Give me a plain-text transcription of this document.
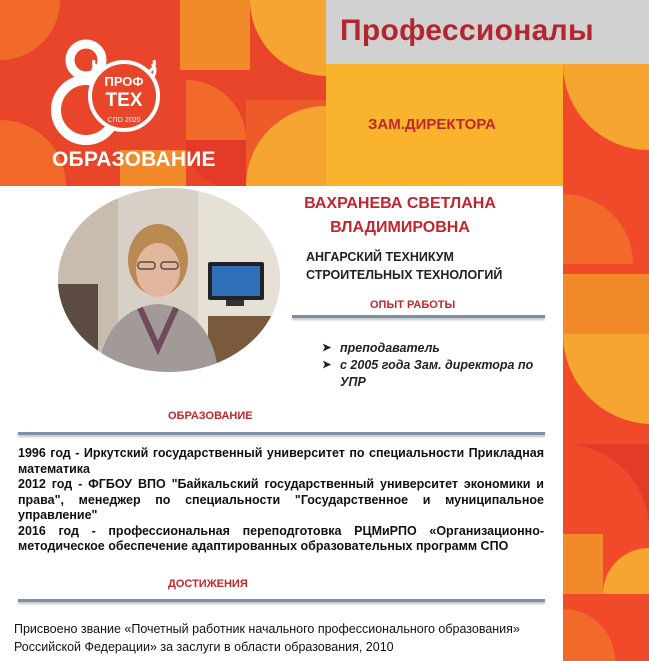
Профессионалы
ЗАМ.ДИРЕКТОРА
ПРОФ
ТЕХ
СПО 2020
ОБРАЗОВАНИЕ
ВАХРАНЕВА СВЕТЛАНА ВЛАДИМИРОВНА
АНГАРСКИЙ ТЕХНИКУМ
СТРОИТЕЛЬНЫХ ТЕХНОЛОГИЙ
ОПЫТ РАБОТЫ
➤ преподаватель
➤ с 2005 года Зам. директора по УПР
ОБРАЗОВАНИЕ

1996 год - Иркутский государственный университет по специальности Прикладная математика

2012 год - ФГБОУ ВПО "Байкальский государственный университет экономики и права", менеджер по специальности "Государственное и муниципальное управление"

2016 год - профессиональная переподготовка РЦМиРПО «Организационно-методическое обеспечение адаптированных образовательных программ СПО

ДОСТИЖЕНИЯ
Присвоено звание «Почетный работник начального профессионального образования» Российской Федерации» за заслуги в области образования, 2010
